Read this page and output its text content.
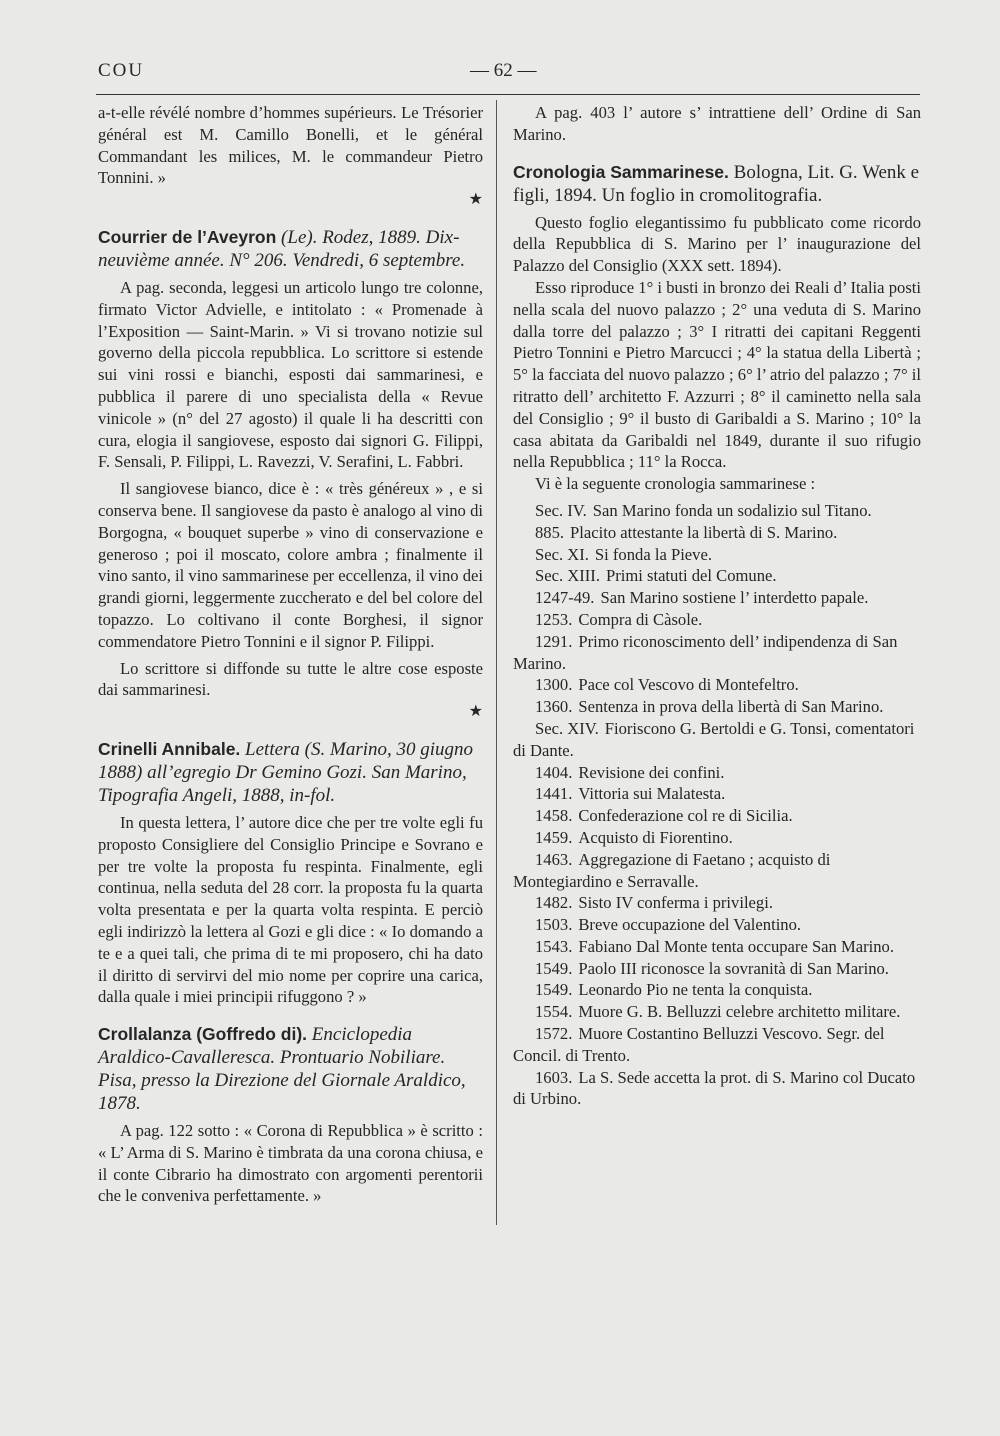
COU	— 62 —

a-t-elle révélé nombre d’hommes supérieurs. Le Trésorier général est M. Camillo Bonelli, et le général Commandant les milices, M. le commandeur Pietro Tonnini. »

★

Courrier de l’Aveyron (Le). Rodez, 1889. Dix-neuvième année. N° 206. Vendredi, 6 septembre.

A pag. seconda, leggesi un articolo lungo tre colonne, firmato Victor Advielle, e intitolato : « Promenade à l’Exposition — Saint-Marin. » Vi si trovano notizie sul governo della piccola repubblica. Lo scrittore si estende sui vini rossi e bianchi, esposti dai sammarinesi, e pubblica il parere di uno specialista della « Revue vinicole » (n° del 27 agosto) il quale li ha descritti con cura, elogia il sangiovese, esposto dai signori G. Filippi, F. Sensali, P. Filippi, L. Ravezzi, V. Serafini, L. Fabbri.

Il sangiovese bianco, dice è : « très généreux » , e si conserva bene. Il sangiovese da pasto è analogo al vino di Borgogna, « bouquet superbe » vino di conservazione e generoso ; poi il moscato, colore ambra ; finalmente il vino santo, il vino sammarinese per eccellenza, il vino dei grandi giorni, leggermente zuccherato e del bel colore del topazzo. Lo coltivano il conte Borghesi, il signor commendatore Pietro Tonnini e il signor P. Filippi.

Lo scrittore si diffonde su tutte le altre cose esposte dai sammarinesi.

★

Crinelli Annibale. Lettera (S. Marino, 30 giugno 1888) all’egregio Dr Gemino Gozi. San Marino, Tipografia Angeli, 1888, in-fol.

In questa lettera, l’ autore dice che per tre volte egli fu proposto Consigliere del Consiglio Principe e Sovrano e per tre volte la proposta fu respinta. Finalmente, egli continua, nella seduta del 28 corr. la proposta fu la quarta volta presentata e per la quarta volta respinta. E perciò egli indirizzò la lettera al Gozi e gli dice : « Io domando a te e a quei tali, che prima di te mi proposero, chi ha dato il diritto di servirvi del mio nome per coprire una carica, dalla quale i miei principii rifuggono ? »

Crollalanza (Goffredo di). Enciclopedia Araldico-Cavalleresca. Prontuario Nobiliare. Pisa, presso la Direzione del Giornale Araldico, 1878.

A pag. 122 sotto : « Corona di Repubblica » è scritto : « L’ Arma di S. Marino è timbrata da una corona chiusa, e il conte Cibrario ha dimostrato con argomenti perentorii che le conveniva perfettamente. »

A pag. 403 l’ autore s’ intrattiene dell’ Ordine di San Marino.

Cronologia Sammarinese. Bologna, Lit. G. Wenk e figli, 1894. Un foglio in cromolitografia.

Questo foglio elegantissimo fu pubblicato come ricordo della Repubblica di S. Marino per l’ inaugurazione del Palazzo del Consiglio (XXX sett. 1894).

Esso riproduce 1° i busti in bronzo dei Reali d’ Italia posti nella scala del nuovo palazzo ; 2° una veduta di S. Marino dalla torre del palazzo ; 3° I ritratti dei capitani Reggenti Pietro Tonnini e Pietro Marcucci ; 4° la statua della Libertà ; 5° la facciata del nuovo palazzo ; 6° l’ atrio del palazzo ; 7° il ritratto dell’ architetto F. Azzurri ; 8° il caminetto nella sala del Consiglio ; 9° il busto di Garibaldi a S. Marino ; 10° la casa abitata da Garibaldi nel 1849, durante il suo rifugio nella Repubblica ; 11° la Rocca.

Vi è la seguente cronologia sammarinese :

Sec. IV. San Marino fonda un sodalizio sul Titano.

885. Placito attestante la libertà di S. Marino.

Sec. XI. Si fonda la Pieve.

Sec. XIII. Primi statuti del Comune.

1247-49. San Marino sostiene l’ interdetto papale.

1253. Compra di Càsole.

1291. Primo riconoscimento dell’ indipendenza di San Marino.

1300. Pace col Vescovo di Montefeltro.

1360. Sentenza in prova della libertà di San Marino.

Sec. XIV. Fioriscono G. Bertoldi e G. Tonsi, comentatori di Dante.

1404. Revisione dei confini.

1441. Vittoria sui Malatesta.

1458. Confederazione col re di Sicilia.

1459. Acquisto di Fiorentino.

1463. Aggregazione di Faetano ; acquisto di Montegiardino e Serravalle.

1482. Sisto IV conferma i privilegi.

1503. Breve occupazione del Valentino.

1543. Fabiano Dal Monte tenta occupare San Marino.

1549. Paolo III riconosce la sovranità di San Marino.

1549. Leonardo Pio ne tenta la conquista.

1554. Muore G. B. Belluzzi celebre architetto militare.

1572. Muore Costantino Belluzzi Vescovo. Segr. del Concil. di Trento.

1603. La S. Sede accetta la prot. di S. Marino col Ducato di Urbino.
